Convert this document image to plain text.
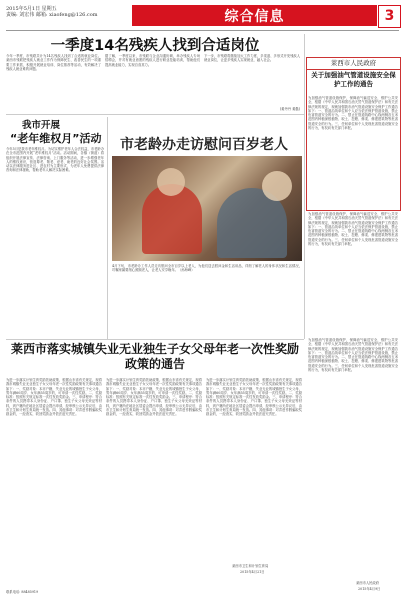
2015年5月1日 星期五
责编: 刘宏伟 邮箱: xiaofeng@126.com	综合信息	3
一季度14名残疾人找到合适岗位
今年一季度，市残联共计为14名残疾人找到了合适的就业岗位。莱西市残联把残疾人就业工作作为保障民生、改善民生的一项重要工作来抓，积极开展就业培训、岗位推荐等活动，有效解决了残疾人就业难的问题。
据了解，一季度以来，市残联与企业沟通协调，举办残疾人专场招聘会，并对有就业意愿的残疾人进行职业技能培训，帮助他们提高就业能力，实现自食其力。
下一步，市残联将继续加大工作力度，多渠道、多形式开发残疾人就业岗位，让更多残疾人实现就业，融入社会。
(姜丹丹 姜磊)
我市开展
“老年维权月”活动
今年5月是我市老年维权月。为切实维护老年人合法权益，市老龄办在全市范围内开展“老年维权月”活动。活动期间，各镇（街道）将组织开展法律宣传、法律咨询、上门服务等活动，进一步增强老年人的维权意识，营造尊老、敬老、爱老、助老的良好社会氛围。活动以法律服务进社区、进农村为主要形式，为老年人免费提供法律咨询和法律援助，帮助老年人解决实际困难。
市老龄办走访慰问百岁老人
4月下旬，市老龄办工作人员走访慰问全市百岁以上老人，为他们送去慰问金和生活用品，详细了解老人的身体状况和生活情况，叮嘱家属要细心照顾老人，让老人安享晚年。（孙海峰）
莱西市人民政府
关于加强油气管道设施安全保护工作的通告
为加强油气管道设施保护，保障油气输送安全，维护公共安全，根据《中华人民共和国石油天然气管道保护法》和有关法律法规的规定，现就加强我市油气管道设施安全保护工作通告如下：一、管道沿线单位和个人应当依法保护管道设施，禁止危害管道安全的行为。二、禁止在管道线路中心线两侧各五米范围内种植深根植物、取土、挖塘、修渠、修建建筑物等危害管道安全的行为。三、任何单位和个人发现危害管道设施安全的行为，有权向有关部门举报。
为加强油气管道设施保护，保障油气输送安全，维护公共安全，根据《中华人民共和国石油天然气管道保护法》和有关法律法规的规定，现就加强我市油气管道设施安全保护工作通告如下：一、管道沿线单位和个人应当依法保护管道设施，禁止危害管道安全的行为。二、禁止在管道线路中心线两侧各五米范围内种植深根植物、取土、挖塘、修渠、修建建筑物等危害管道安全的行为。三、任何单位和个人发现危害管道设施安全的行为，有权向有关部门举报。
莱西市落实城镇失业无业独生子女父母年老一次性奖励政策的通告
为进一步落实计划生育奖励扶助政策，根据山东省有关规定，现将我市城镇失业无业独生子女父母年老一次性奖励政策有关事项通告如下：一、奖励对象：本市户籍，失业无业的城镇独生子女父母，男年满60周岁、女年满55周岁的，可申请一次性奖励。二、奖励标准：按照有关规定标准一次性发放奖励金。三、申请程序：符合条件的人员携带本人身份证、户口簿、独生子女父母光荣证等材料，到户籍所在地社区居委会提出申请，经审核公示无异议后，由市卫生和计划生育局统一发放。四、其他事项：对弄虚作假骗取奖励金的，一经查实，收回奖励金并依法追究责任。
为进一步落实计划生育奖励扶助政策，根据山东省有关规定，现将我市城镇失业无业独生子女父母年老一次性奖励政策有关事项通告如下：一、奖励对象：本市户籍，失业无业的城镇独生子女父母，男年满60周岁、女年满55周岁的，可申请一次性奖励。二、奖励标准：按照有关规定标准一次性发放奖励金。三、申请程序：符合条件的人员携带本人身份证、户口簿、独生子女父母光荣证等材料，到户籍所在地社区居委会提出申请，经审核公示无异议后，由市卫生和计划生育局统一发放。四、其他事项：对弄虚作假骗取奖励金的，一经查实，收回奖励金并依法追究责任。
为进一步落实计划生育奖励扶助政策，根据山东省有关规定，现将我市城镇失业无业独生子女父母年老一次性奖励政策有关事项通告如下：一、奖励对象：本市户籍，失业无业的城镇独生子女父母，男年满60周岁、女年满55周岁的，可申请一次性奖励。二、奖励标准：按照有关规定标准一次性发放奖励金。三、申请程序：符合条件的人员携带本人身份证、户口簿、独生子女父母光荣证等材料，到户籍所在地社区居委会提出申请，经审核公示无异议后，由市卫生和计划生育局统一发放。四、其他事项：对弄虚作假骗取奖励金的，一经查实，收回奖励金并依法追究责任。
莱西市卫生和计划生育局
2015年4月21日
联系电话: 88485919
为加强油气管道设施保护，保障油气输送安全，维护公共安全，根据《中华人民共和国石油天然气管道保护法》和有关法律法规的规定，现就加强我市油气管道设施安全保护工作通告如下：一、管道沿线单位和个人应当依法保护管道设施，禁止危害管道安全的行为。二、禁止在管道线路中心线两侧各五米范围内种植深根植物、取土、挖塘、修渠、修建建筑物等危害管道安全的行为。三、任何单位和个人发现危害管道设施安全的行为，有权向有关部门举报。
莱西市人民政府
2015年4月9日
